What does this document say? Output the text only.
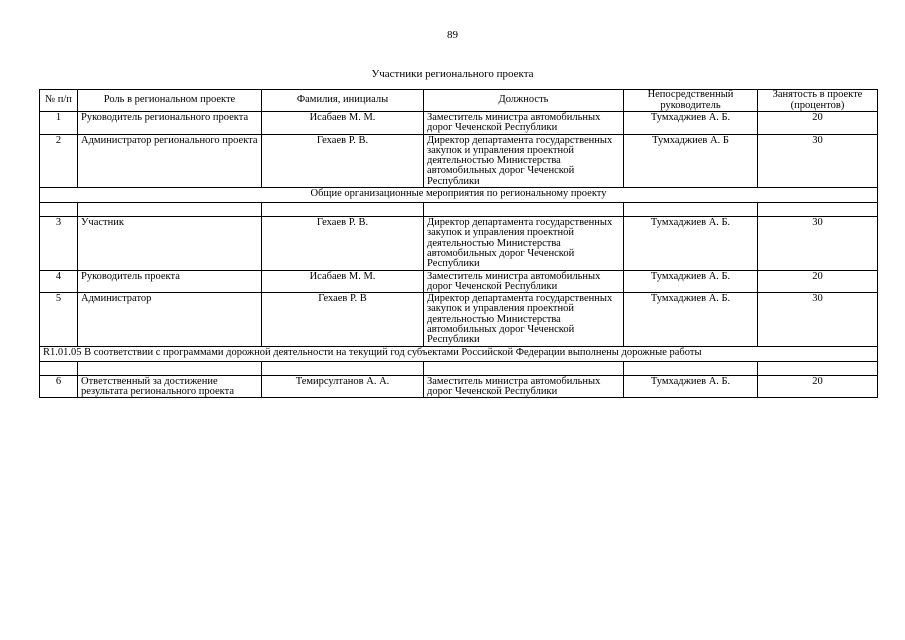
89
Участники регионального проекта
№ п/п	Роль в региональном проекте	Фамилия, инициалы	Должность	Непосредственный руководитель	Занятость в проекте (процентов)
1	Руководитель регионального проекта	Исабаев М. М.	Заместитель министра автомобильных дорог Чеченской Республики	Тумхаджиев А. Б.	20
2	Администратор регионального проекта	Гехаев Р. В.	Директор департамента государственных закупок и управления проектной деятельностью Министерства автомобильных дорог Чеченской Республики	Тумхаджиев А. Б	30
Общие организационные мероприятия по региональному проекту					

3	Участник	Гехаев Р. В.	Директор департамента государственных закупок и управления проектной деятельностью Министерства автомобильных дорог Чеченской Республики	Тумхаджиев А. Б.	30
4	Руководитель проекта	Исабаев М. М.	Заместитель министра автомобильных дорог Чеченской Республики	Тумхаджиев А. Б.	20
5	Администратор	Гехаев Р. В	Директор департамента государственных закупок и управления проектной деятельностью Министерства автомобильных дорог Чеченской Республики	Тумхаджиев А. Б.	30
R1.01.05 В соответствии с программами дорожной деятельности на текущий год субъектами Российской Федерации выполнены дорожные работы					

6	Ответственный за достижение результата регионального проекта	Темирсултанов А. А.	Заместитель министра автомобильных дорог Чеченской Республики	Тумхаджиев А. Б.	20
